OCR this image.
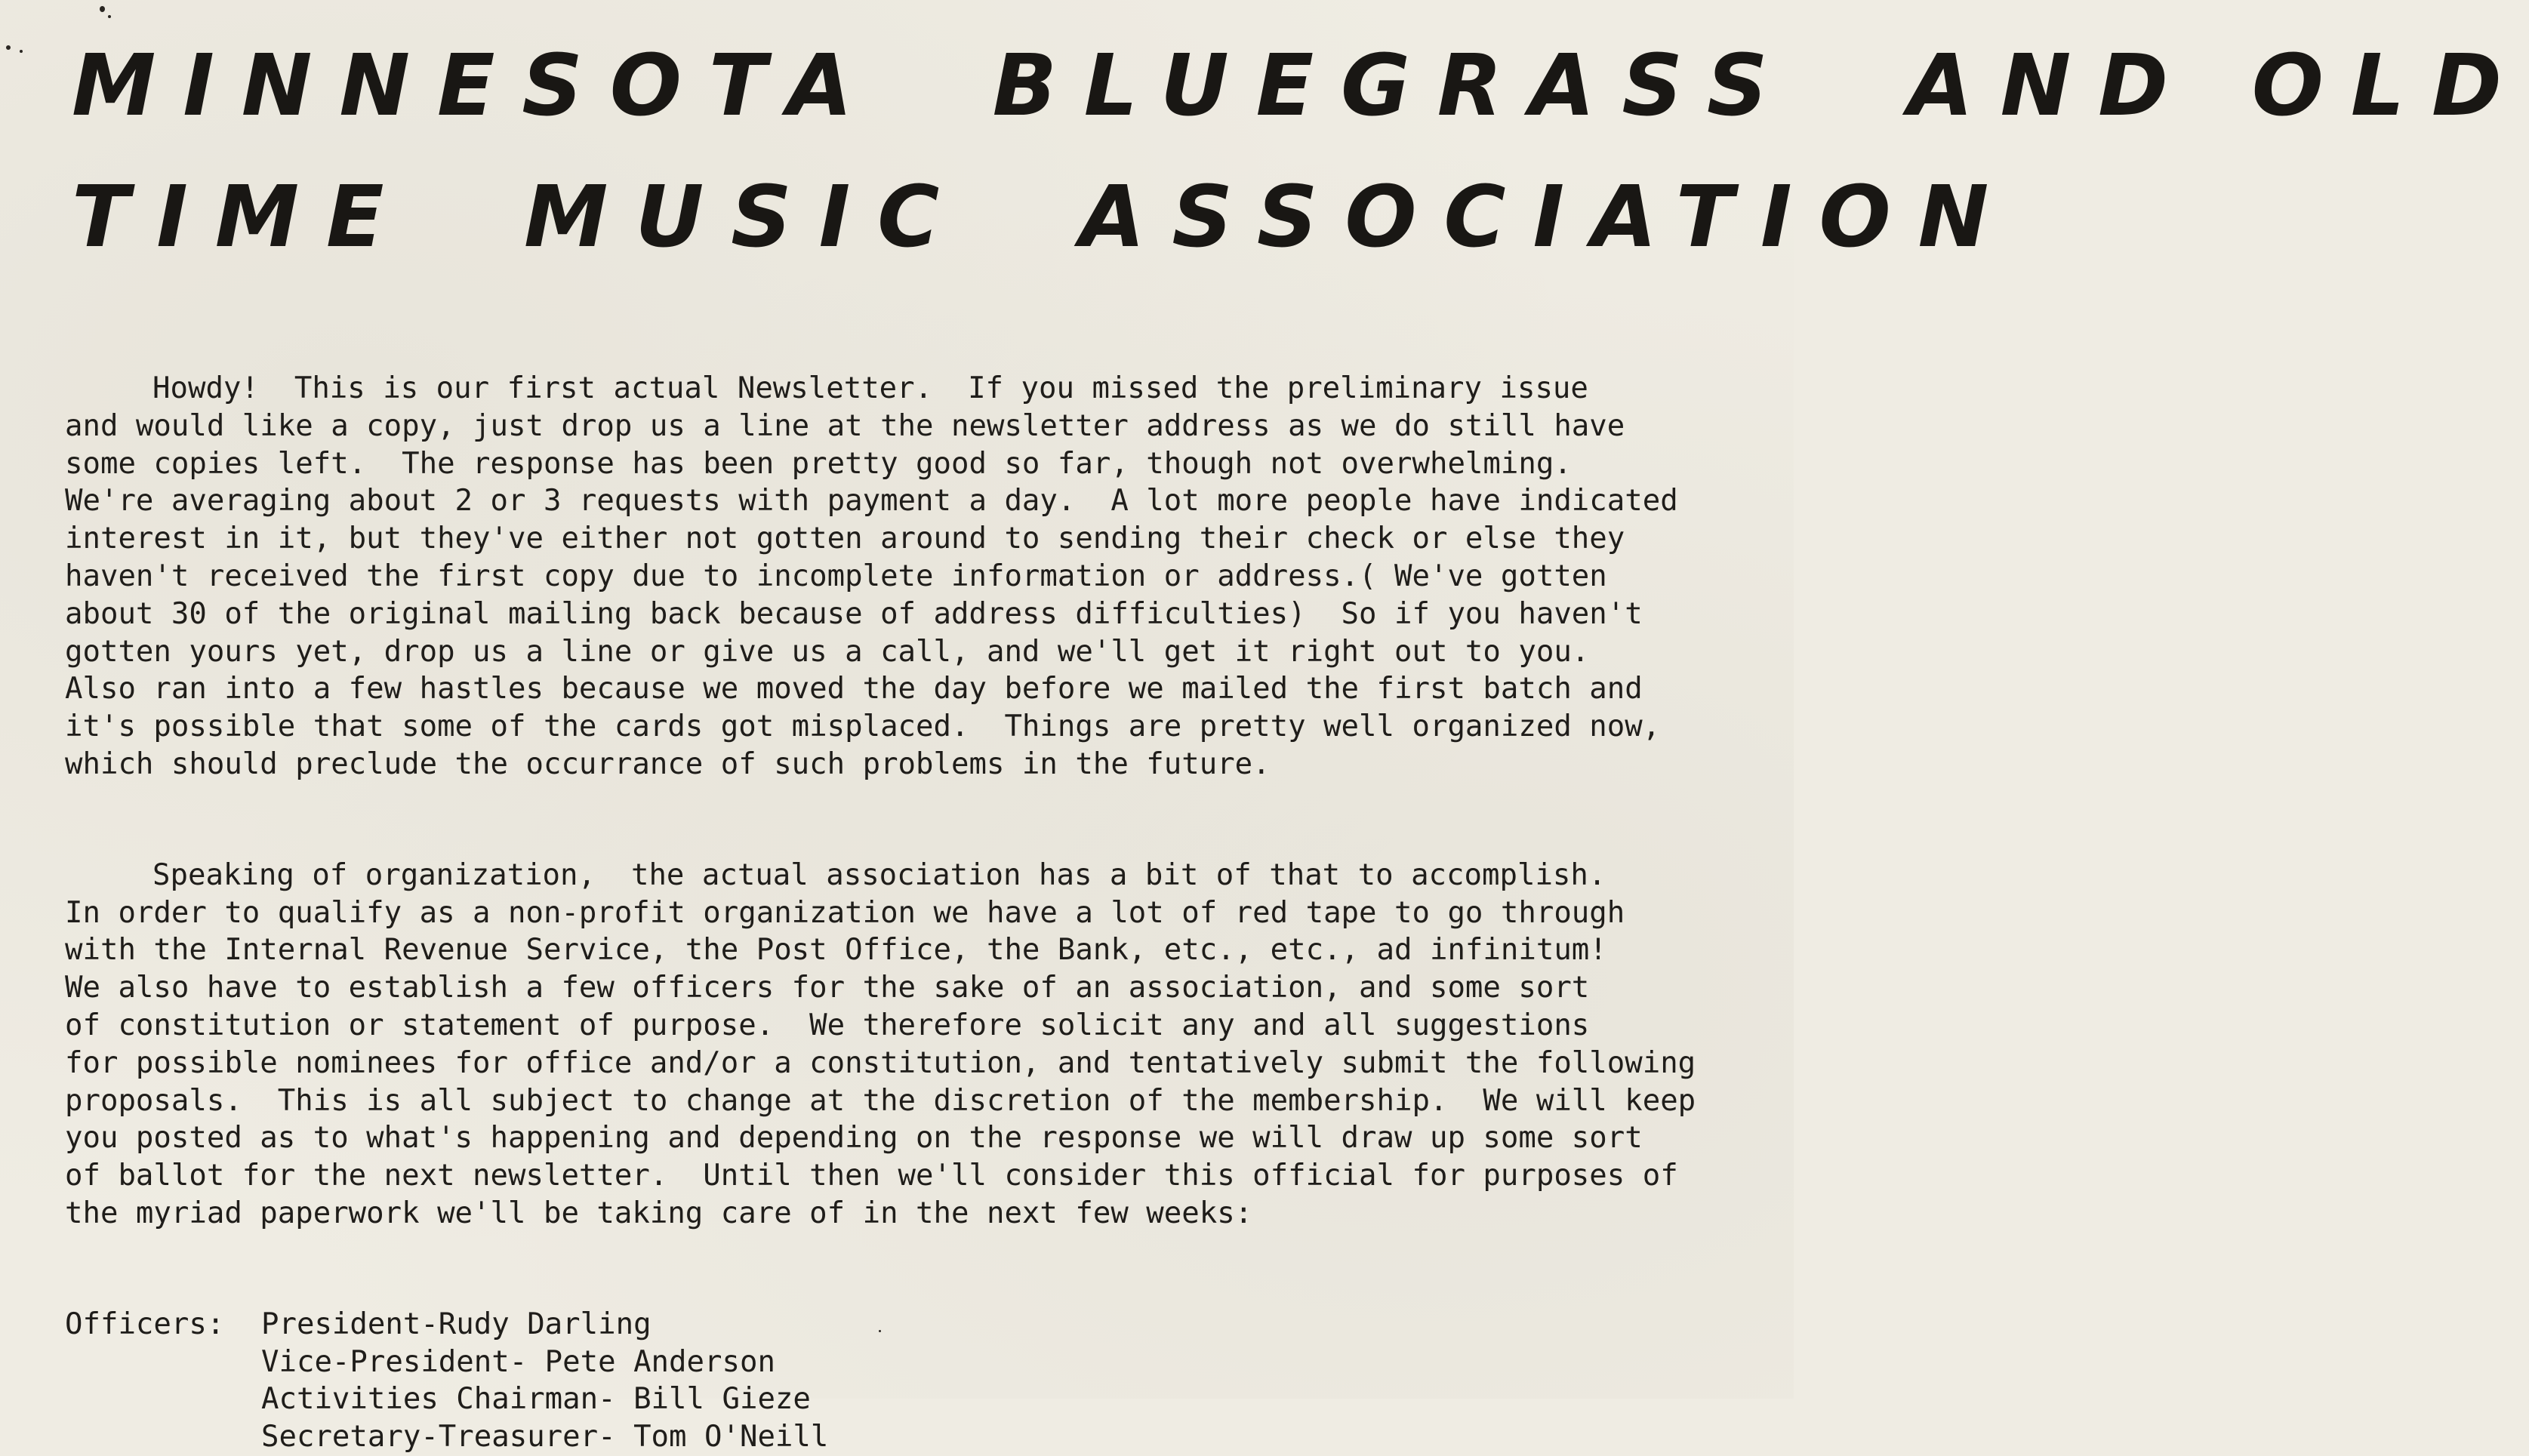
MINNESOTA  BLUEGRASS  AND OLD
TIME  MUSIC  ASSOCIATION
Howdy!  This is our first actual Newsletter.  If you missed the preliminary issue
and would like a copy, just drop us a line at the newsletter address as we do still have
some copies left.  The response has been pretty good so far, though not overwhelming.
We're averaging about 2 or 3 requests with payment a day.  A lot more people have indicated
interest in it, but they've either not gotten around to sending their check or else they
haven't received the first copy due to incomplete information or address.( We've gotten
about 30 of the original mailing back because of address difficulties)  So if you haven't
gotten yours yet, drop us a line or give us a call, and we'll get it right out to you.
Also ran into a few hastles because we moved the day before we mailed the first batch and
it's possible that some of the cards got misplaced.  Things are pretty well organized now,
which should preclude the occurrance of such problems in the future.
Speaking of organization,  the actual association has a bit of that to accomplish.
In order to qualify as a non-profit organization we have a lot of red tape to go through
with the Internal Revenue Service, the Post Office, the Bank, etc., etc., ad infinitum!
We also have to establish a few officers for the sake of an association, and some sort
of constitution or statement of purpose.  We therefore solicit any and all suggestions
for possible nominees for office and/or a constitution, and tentatively submit the following
proposals.  This is all subject to change at the discretion of the membership.  We will keep
you posted as to what's happening and depending on the response we will draw up some sort
of ballot for the next newsletter.  Until then we'll consider this official for purposes of
the myriad paperwork we'll be taking care of in the next few weeks:
Officers:	President-Rudy Darling
Vice-President- Pete Anderson
Activities Chairman- Bill Gieze
Secretary-Treasurer- Tom O'Neill
